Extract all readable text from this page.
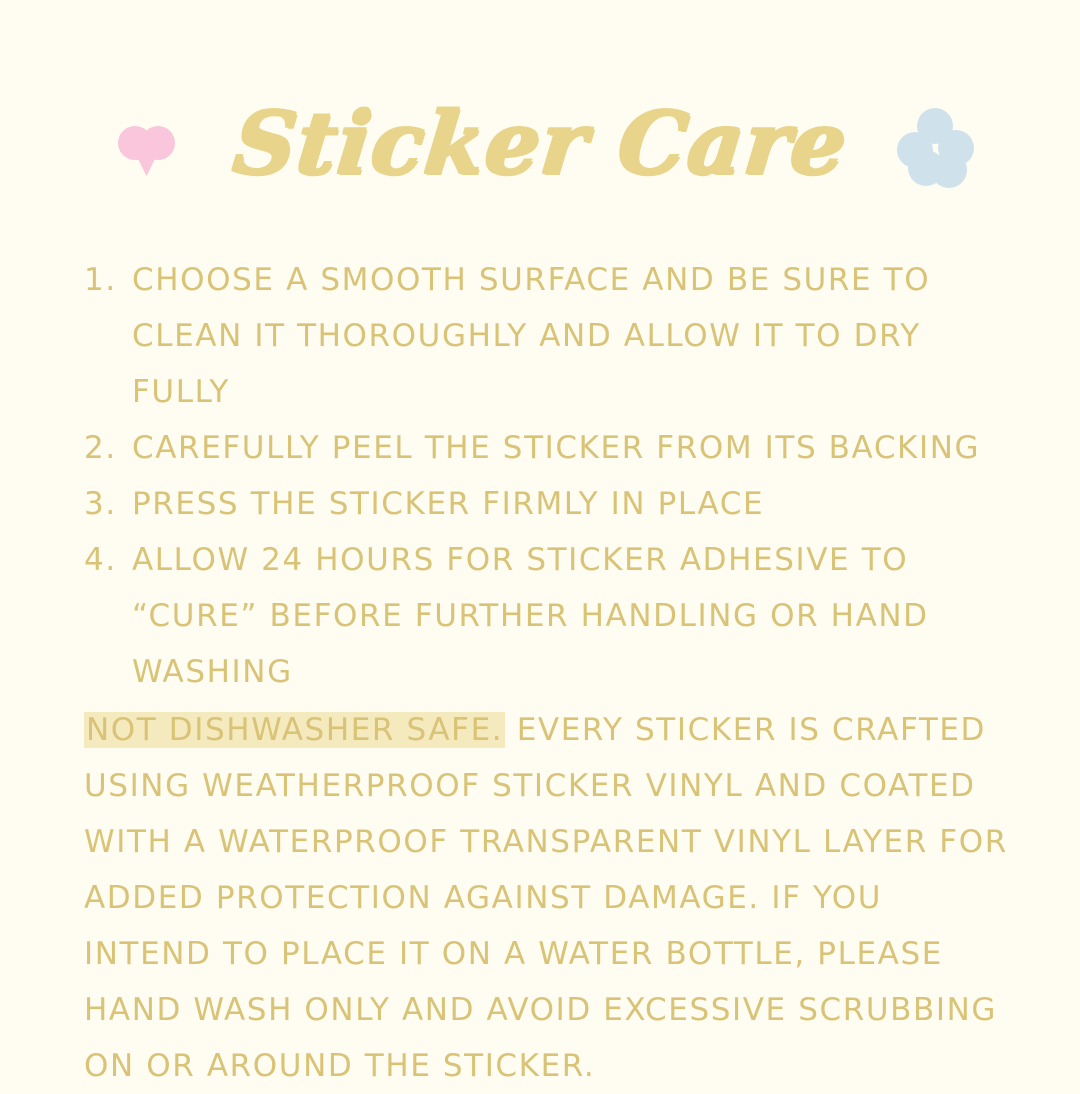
Sticker Care
1. CHOOSE A SMOOTH SURFACE AND BE SURE TO CLEAN IT THOROUGHLY AND ALLOW IT TO DRY FULLY
2. CAREFULLY PEEL THE STICKER FROM ITS BACKING
3. PRESS THE STICKER FIRMLY IN PLACE
4. ALLOW 24 HOURS FOR STICKER ADHESIVE TO “CURE” BEFORE FURTHER HANDLING OR HAND WASHING
NOT DISHWASHER SAFE. EVERY STICKER IS CRAFTED USING WEATHERPROOF STICKER VINYL AND COATED WITH A WATERPROOF TRANSPARENT VINYL LAYER FOR ADDED PROTECTION AGAINST DAMAGE. IF YOU INTEND TO PLACE IT ON A WATER BOTTLE, PLEASE HAND WASH ONLY AND AVOID EXCESSIVE SCRUBBING ON OR AROUND THE STICKER.
